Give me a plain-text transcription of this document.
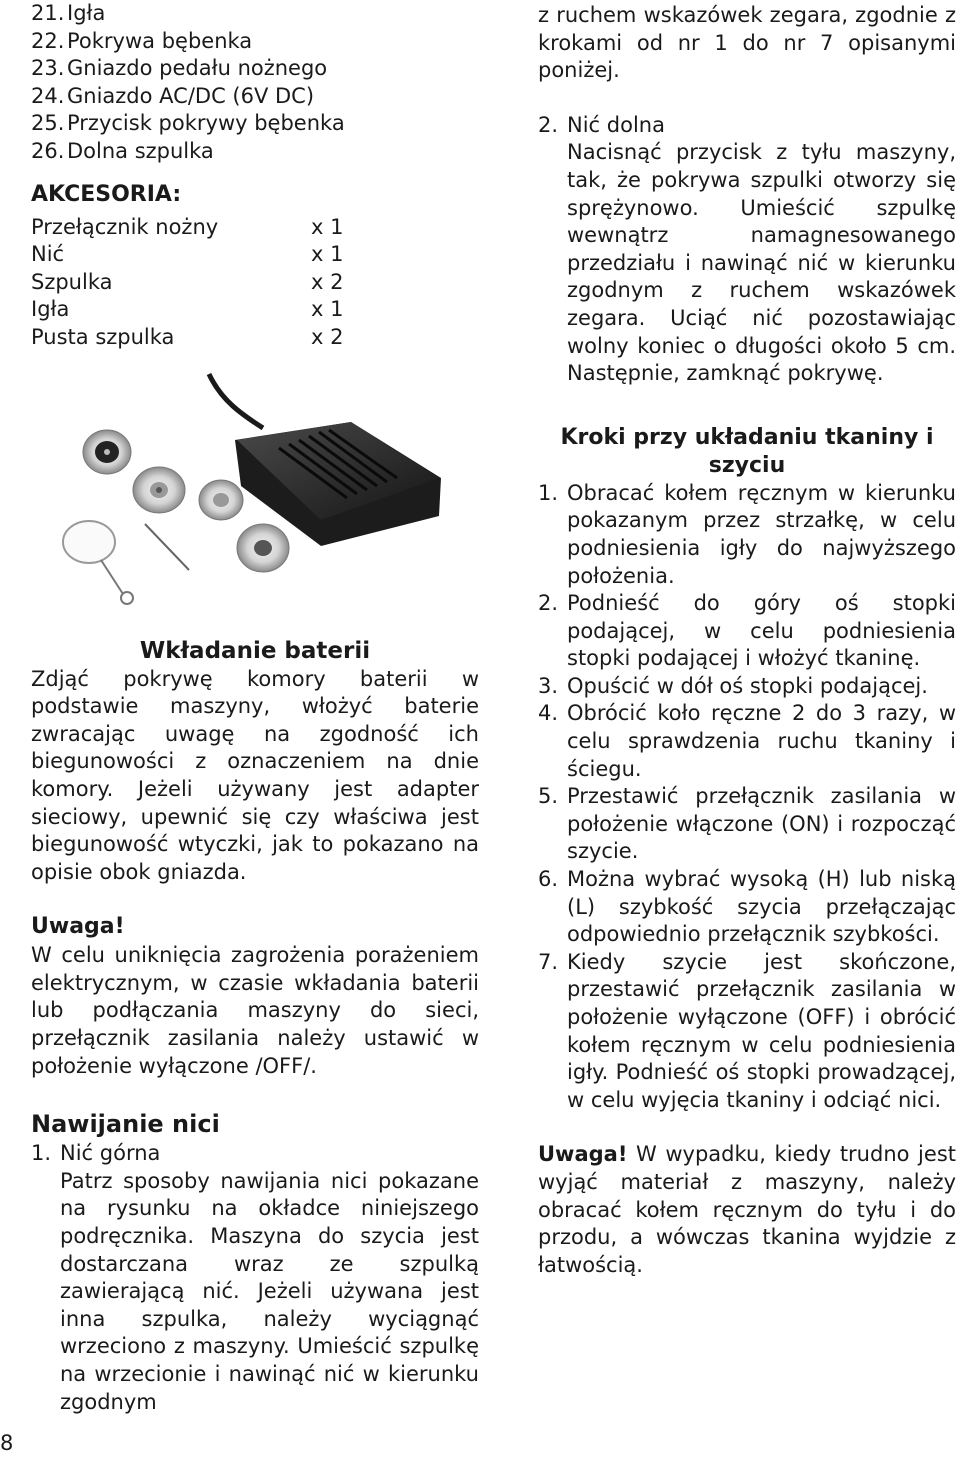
21. Igła
22. Pokrywa bębenka
23. Gniazdo pedału nożnego
24. Gniazdo AC/DC (6V DC)
25. Przycisk pokrywy bębenka
26. Dolna szpulka
AKCESORIA:
Przełącznik nożny	x 1
Nić	x 1
Szpulka	x 2
Igła	x 1
Pusta szpulka	x 2
Wkładanie baterii

Zdjąć pokrywę komory baterii w podstawie maszyny, włożyć baterie zwracając uwagę na zgodność ich biegunowości z oznaczeniem na dnie komory. Jeżeli używany jest adapter sieciowy, upewnić się czy właściwa jest biegunowość wtyczki, jak to pokazano na opisie obok gniazda.

Uwaga!

W celu uniknięcia zagrożenia porażeniem elektrycznym, w czasie wkładania baterii lub podłączania maszyny do sieci, przełącznik zasilania należy ustawić w położenie wyłączone /OFF/.

Nawijanie nici
1. Nić górna

Patrz sposoby nawijania nici pokazane na rysunku na okładce niniejszego podręcznika. Maszyna do szycia jest dostarczana wraz ze szpulką zawierającą nić. Jeżeli używana jest inna szpulka, należy wyciągnąć wrzeciono z maszyny. Umieścić szpulkę na wrzecionie i nawinąć nić w kierunku zgodnym

z ruchem wskazówek zegara, zgodnie z krokami od nr 1 do nr 7 opisanymi poniżej.

2. Nić dolna

Nacisnąć przycisk z tyłu maszyny, tak, że pokrywa szpulki otworzy się sprężynowo. Umieścić szpulkę wewnątrz namagnesowanego przedziału i nawinąć nić w kierunku zgodnym z ruchem wskazówek zegara. Uciąć nić pozostawiając wolny koniec o długości około 5 cm. Następnie, zamknąć pokrywę.

Kroki przy układaniu tkaniny i szyciu
1. Obracać kołem ręcznym w kierunku pokazanym przez strzałkę, w celu podniesienia igły do najwyższego położenia.
2. Podnieść do góry oś stopki podającej, w celu podniesienia stopki podającej i włożyć tkaninę.
3. Opuścić w dół oś stopki podającej.
4. Obrócić koło ręczne 2 do 3 razy, w celu sprawdzenia ruchu tkaniny i ściegu.
5. Przestawić przełącznik zasilania w położenie włączone (ON) i rozpocząć szycie.
6. Można wybrać wysoką (H) lub niską (L) szybkość szycia przełączając odpowiednio przełącznik szybkości.
7. Kiedy szycie jest skończone, przestawić przełącznik zasilania w położenie wyłączone (OFF) i obrócić kołem ręcznym w celu podniesienia igły. Podnieść oś stopki prowadzącej, w celu wyjęcia tkaniny i odciąć nici.

Uwaga! W wypadku, kiedy trudno jest wyjąć materiał z maszyny, należy obracać kołem ręcznym do tyłu i do przodu, a wówczas tkanina wyjdzie z łatwością.

8
